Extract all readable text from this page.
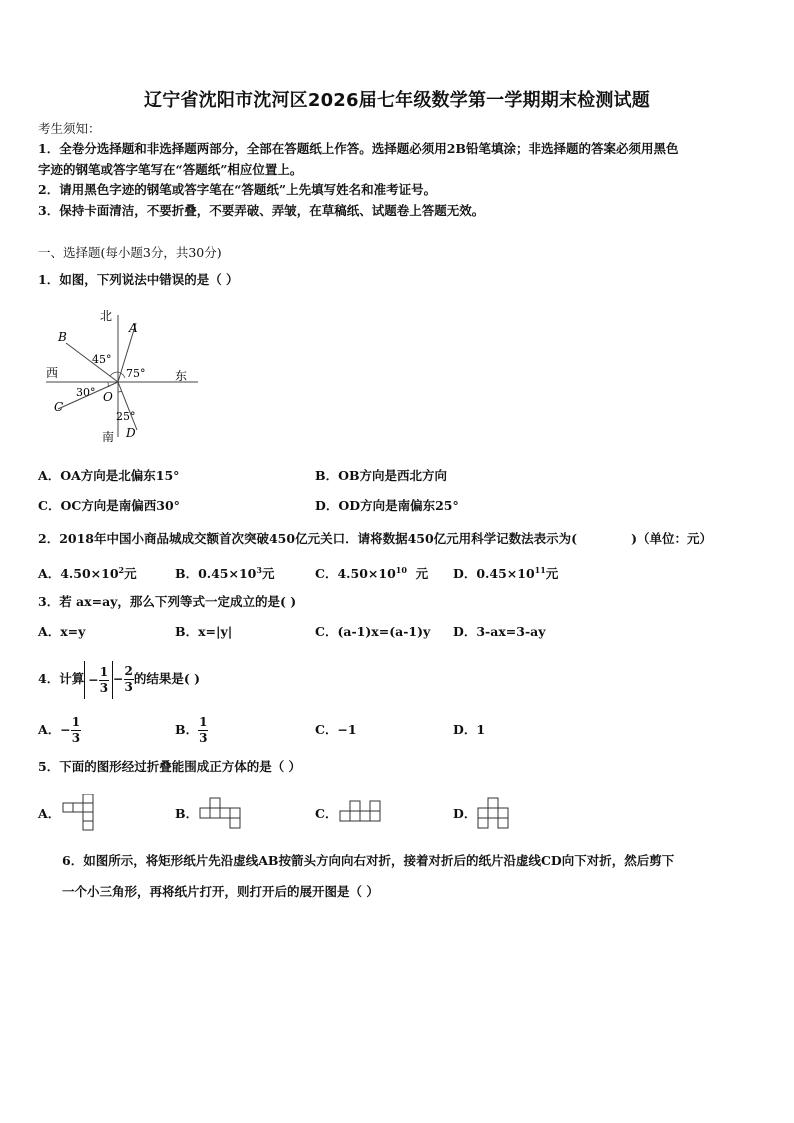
辽宁省沈阳市沈河区2026届七年级数学第一学期期末检测试题
考生须知：
1．全卷分选择题和非选择题两部分，全部在答题纸上作答。选择题必须用2B铅笔填涂；非选择题的答案必须用黑色
字迹的钢笔或答字笔写在“答题纸”相应位置上。
2．请用黑色字迹的钢笔或答字笔在“答题纸”上先填写姓名和准考证号。
3．保持卡面清洁，不要折叠，不要弄破、弄皱，在草稿纸、试题卷上答题无效。
一、选择题(每小题3分，共30分)
1．如图，下列说法中错误的是（ ）
北
南
西	东
A
B
C
D
O
45°
75°
30°
25°
A．OA方向是北偏东15°	B．OB方向是西北方向
C．OC方向是南偏西30°	D．OD方向是南偏东25°
2．2018年中国小商品城成交额首次突破450亿元关口．请将数据450亿元用科学记数法表示为(	)（单位：元）
A．$4.50\times 10^2$元	B．$0.45\times 10^3$元	C．$4.50\times 10^{10}$ 元 D．$0.45\times 10^{11}$元
3．若 ax=ay，那么下列等式一定成立的是( )
A．x=y	B．x=|y|	C．(a-1)x=(a-1)y D．3-ax=3-ay
4．计算 − $\frac{1}{3} - \frac{2}{3}$ 的结果是( )
A．− $\frac{1}{3}$	B． $\frac{1}{3}$	C．−1	D．1
5．下面的图形经过折叠能围成正方体的是（ ）
A．	B．	C．	D．
6．如图所示，将矩形纸片先沿虚线AB按箭头方向向右对折，接着对折后的纸片沿虚线CD向下对折，然后剪下
一个小三角形，再将纸片打开，则打开后的展开图是（ ）
